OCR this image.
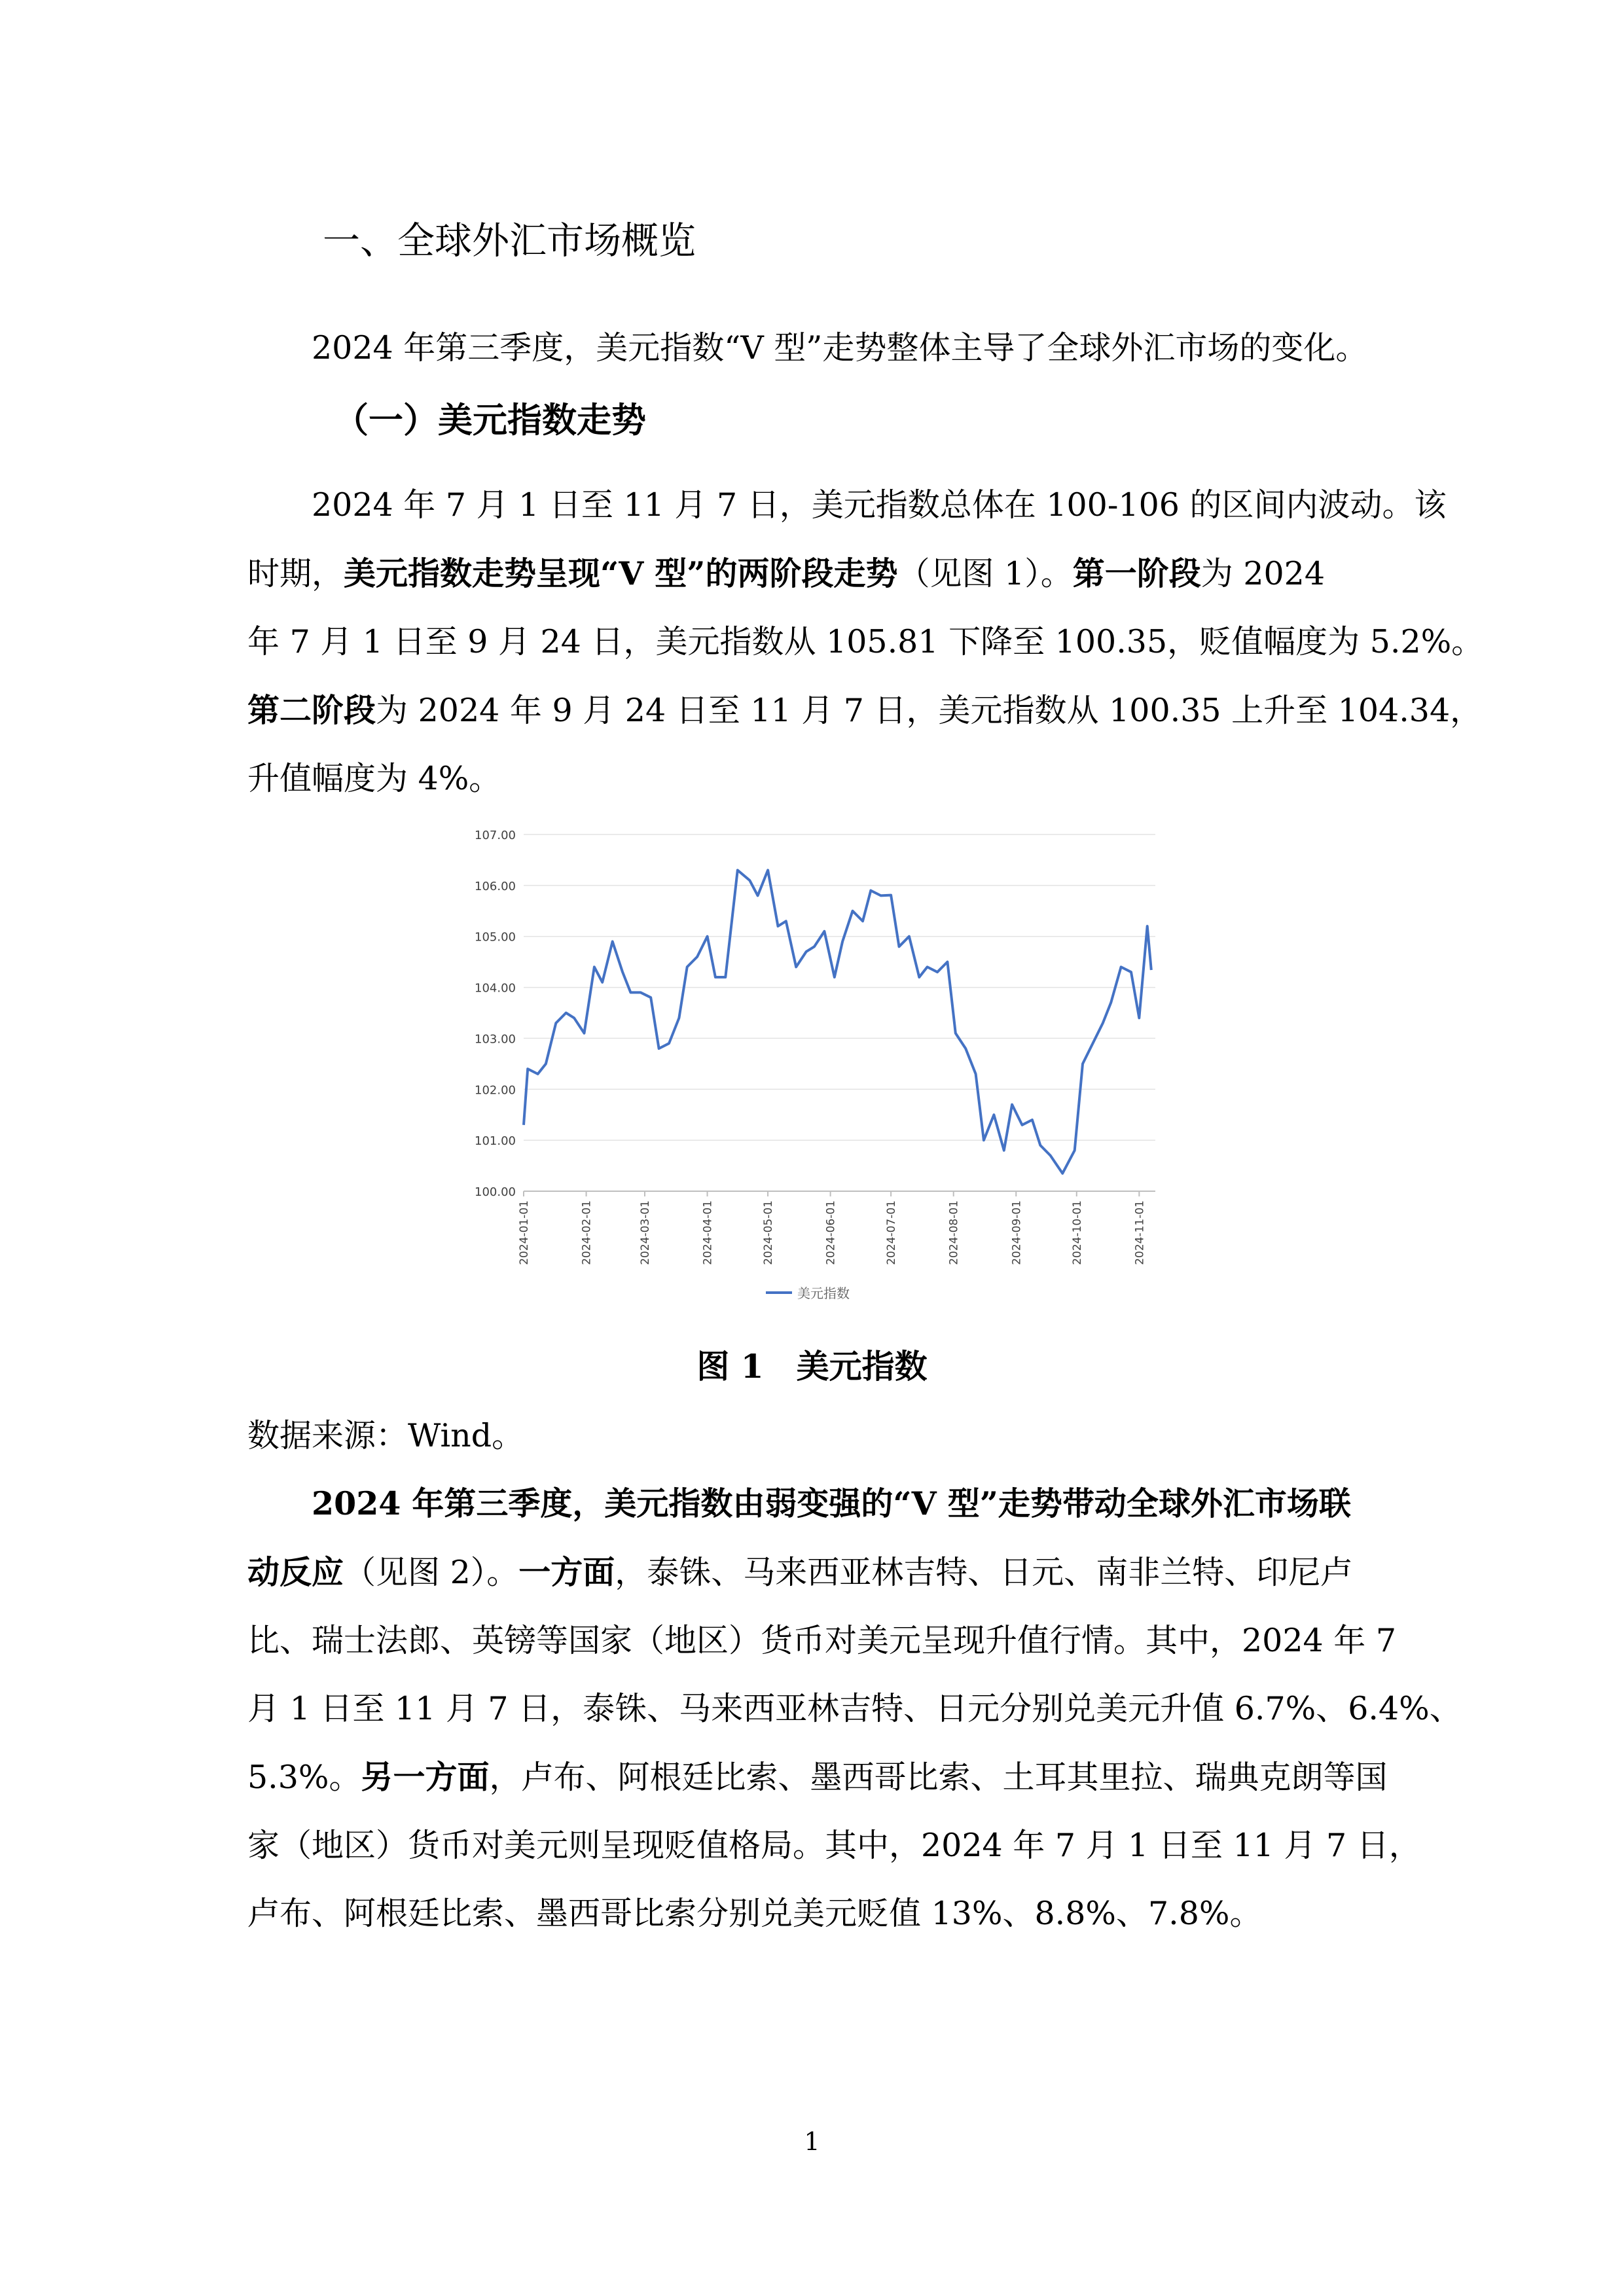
一、全球外汇市场概览
2024 年第三季度，美元指数“V 型”走势整体主导了全球外汇市场的变化。
（一）美元指数走势
2024 年 7 月 1 日至 11 月 7 日，美元指数总体在 100-106 的区间内波动。该
时期，美元指数走势呈现“V 型”的两阶段走势（见图 1）。第一阶段为 2024
年 7 月 1 日至 9 月 24 日，美元指数从 105.81 下降至 100.35，贬值幅度为 5.2%。
第二阶段为 2024 年 9 月 24 日至 11 月 7 日，美元指数从 100.35 上升至 104.34，
升值幅度为 4%。
100.00
101.00
102.00
103.00
104.00
105.00
106.00
107.00
2024-01-01	2024-02-01	2024-03-01	2024-04-01	2024-05-01	2024-06-01	2024-07-01	2024-08-01	2024-09-01	2024-10-01	2024-11-01
美元指数
图 1　美元指数
数据来源：Wind。
2024 年第三季度，美元指数由弱变强的“V 型”走势带动全球外汇市场联
动反应（见图 2）。一方面，泰铢、马来西亚林吉特、日元、南非兰特、印尼卢
比、瑞士法郎、英镑等国家（地区）货币对美元呈现升值行情。其中，2024 年 7
月 1 日至 11 月 7 日，泰铢、马来西亚林吉特、日元分别兑美元升值 6.7%、6.4%、
5.3%。另一方面，卢布、阿根廷比索、墨西哥比索、土耳其里拉、瑞典克朗等国
家（地区）货币对美元则呈现贬值格局。其中，2024 年 7 月 1 日至 11 月 7 日，
卢布、阿根廷比索、墨西哥比索分别兑美元贬值 13%、8.8%、7.8%。
1
